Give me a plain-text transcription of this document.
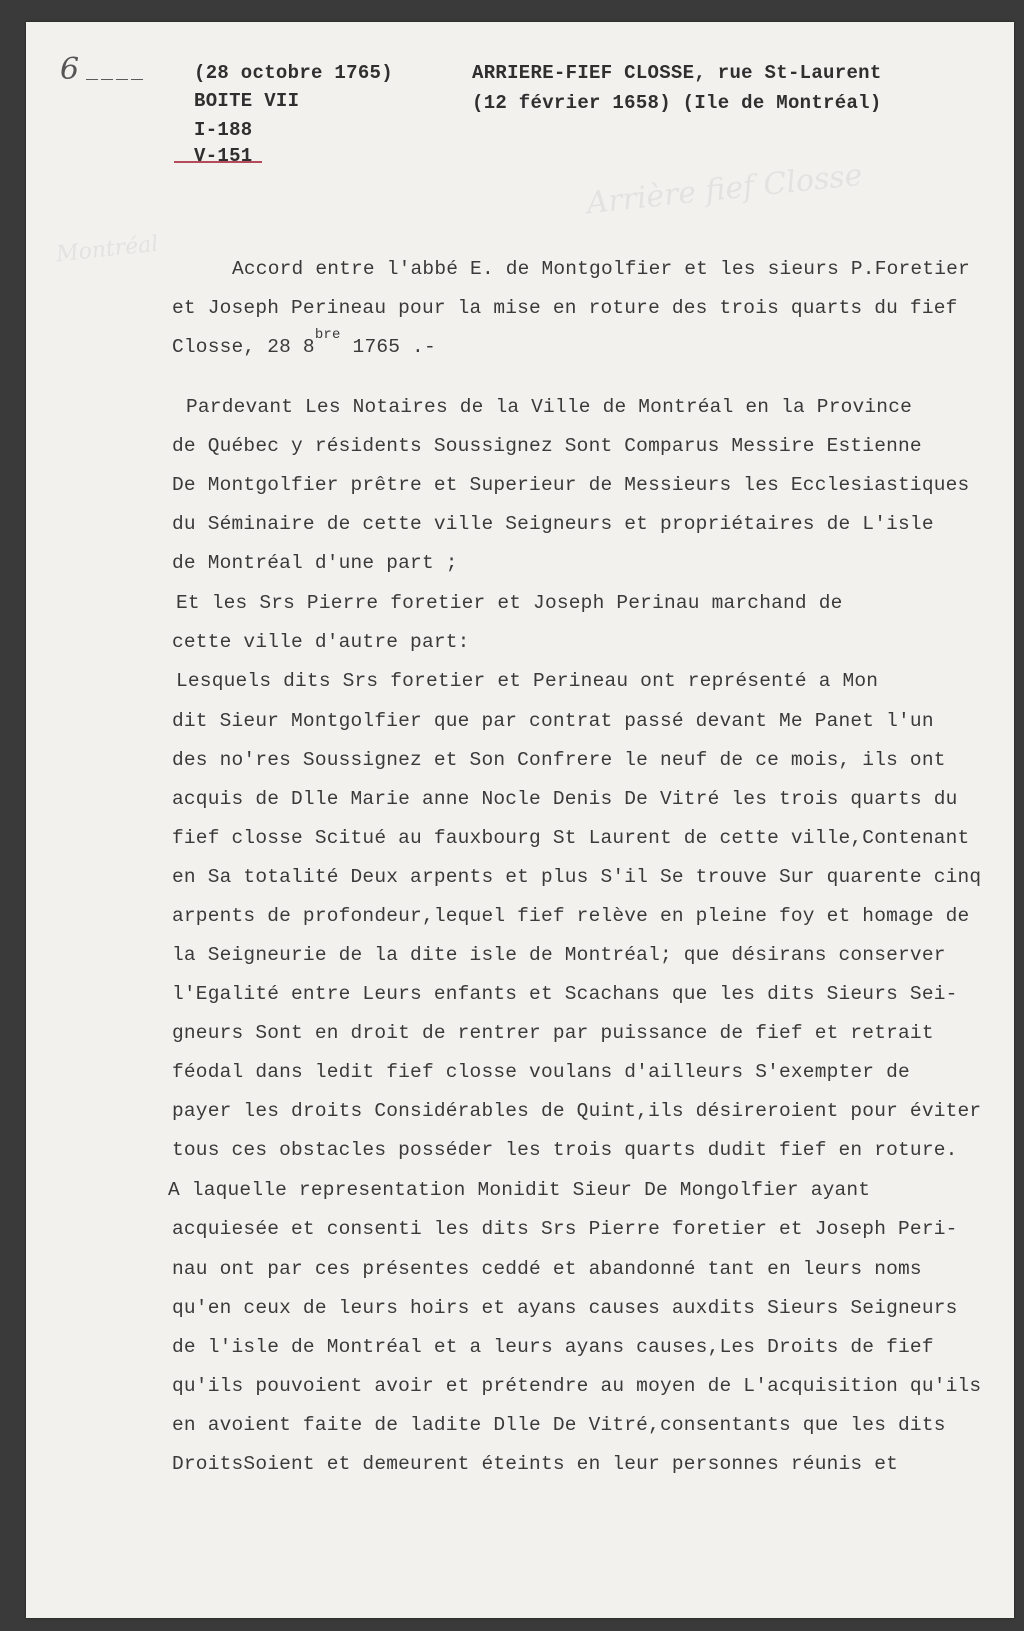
Arrière fief Closse
Montréal
6 ____	(28 octobre 1765)
BOITE VII
I-188
V-151
ARRIERE-FIEF CLOSSE, rue St-Laurent
(12 février 1658) (Ile de Montréal)
Accord entre l'abbé E. de Montgolfier et les sieurs P.Foretier
et Joseph Perineau pour la mise en roture des trois quarts du fief
Closse, 28 $8^{bre}$ 1765 .-
Pardevant Les Notaires de la Ville de Montréal en la Province
de Québec y résidents Soussignez Sont Comparus Messire Estienne
De Montgolfier prêtre et Superieur de Messieurs les Ecclesiastiques
du Séminaire de cette ville Seigneurs et propriétaires de L'isle
de Montréal d'une part ;
Et les Srs Pierre foretier et Joseph Perinau marchand de
cette ville d'autre part:
Lesquels dits Srs foretier et Perineau ont représenté a Mon
dit Sieur Montgolfier que par contrat passé devant Me Panet l'un
des no'res Soussignez et Son Confrere le neuf de ce mois, ils ont
acquis de Dlle Marie anne Nocle Denis De Vitré les trois quarts du
fief closse Scitué au fauxbourg St Laurent de cette ville,Contenant
en Sa totalité Deux arpents et plus S'il Se trouve Sur quarente cinq
arpents de profondeur,lequel fief relève en pleine foy et homage de
la Seigneurie de la dite isle de Montréal; que désirans conserver
l'Egalité entre Leurs enfants et Scachans que les dits Sieurs Sei-
gneurs Sont en droit de rentrer par puissance de fief et retrait
féodal dans ledit fief closse voulans d'ailleurs S'exempter de
payer les droits Considérables de Quint,ils désireroient pour éviter
tous ces obstacles posséder les trois quarts dudit fief en roture.
A laquelle representation Monidit Sieur De Mongolfier ayant
acquiesée et consenti les dits Srs Pierre foretier et Joseph Peri-
nau ont par ces présentes ceddé et abandonné tant en leurs noms
qu'en ceux de leurs hoirs et ayans causes auxdits Sieurs Seigneurs
de l'isle de Montréal et a leurs ayans causes,Les Droits de fief
qu'ils pouvoient avoir et prétendre au moyen de L'acquisition qu'ils
en avoient faite de ladite Dlle De Vitré,consentants que les dits
DroitsSoient et demeurent éteints en leur personnes réunis et
